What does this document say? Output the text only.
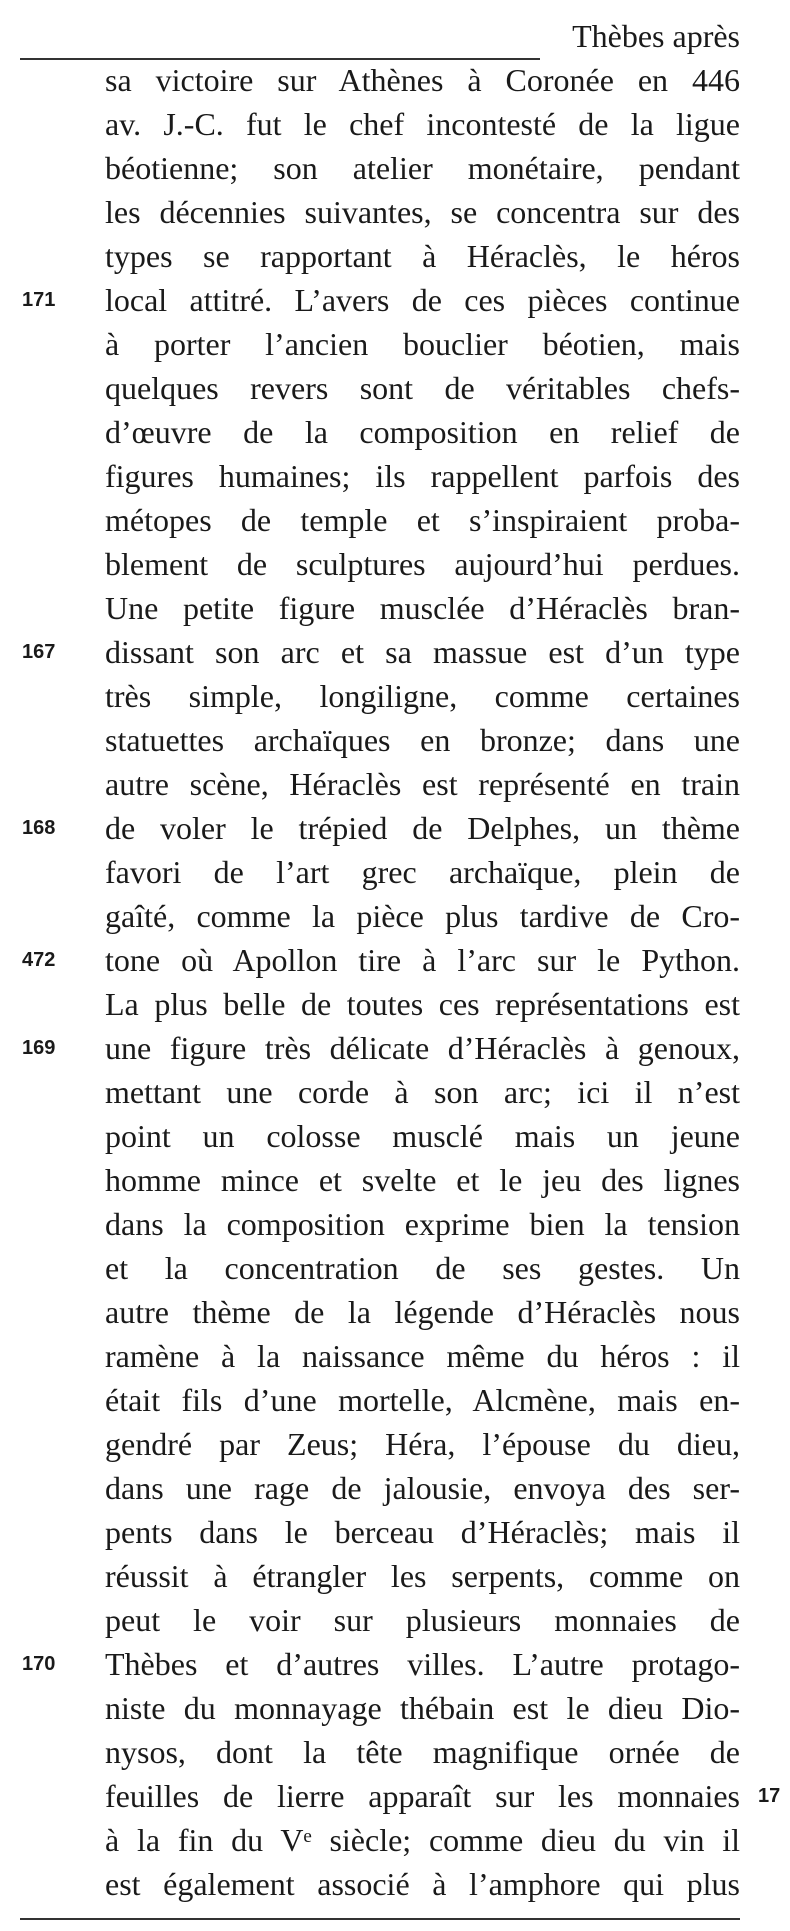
Thèbes après
sa victoire sur Athènes à Coronée en 446
av. J.-C. fut le chef incontesté de la ligue
béotienne; son atelier monétaire, pendant
les décennies suivantes, se concentra sur des
types se rapportant à Héraclès, le héros
local attitré. L’avers de ces pièces continue
à porter l’ancien bouclier béotien, mais
quelques revers sont de véritables chefs-
d’œuvre de la composition en relief de
figures humaines; ils rappellent parfois des
métopes de temple et s’inspiraient proba-
blement de sculptures aujourd’hui perdues.
Une petite figure musclée d’Héraclès bran-
dissant son arc et sa massue est d’un type
très simple, longiligne, comme certaines
statuettes archaïques en bronze; dans une
autre scène, Héraclès est représenté en train
de voler le trépied de Delphes, un thème
favori de l’art grec archaïque, plein de
gaîté, comme la pièce plus tardive de Cro-
tone où Apollon tire à l’arc sur le Python.
La plus belle de toutes ces représentations est
une figure très délicate d’Héraclès à genoux,
mettant une corde à son arc; ici il n’est
point un colosse musclé mais un jeune
homme mince et svelte et le jeu des lignes
dans la composition exprime bien la tension
et la concentration de ses gestes. Un
autre thème de la légende d’Héraclès nous
ramène à la naissance même du héros : il
était fils d’une mortelle, Alcmène, mais en-
gendré par Zeus; Héra, l’épouse du dieu,
dans une rage de jalousie, envoya des ser-
pents dans le berceau d’Héraclès; mais il
réussit à étrangler les serpents, comme on
peut le voir sur plusieurs monnaies de
Thèbes et d’autres villes. L’autre protago-
niste du monnayage thébain est le dieu Dio-
nysos, dont la tête magnifique ornée de
feuilles de lierre apparaît sur les monnaies
à la fin du Vᵉ siècle; comme dieu du vin il
est également associé à l’amphore qui plus
171
167
168
472
169
170
17
